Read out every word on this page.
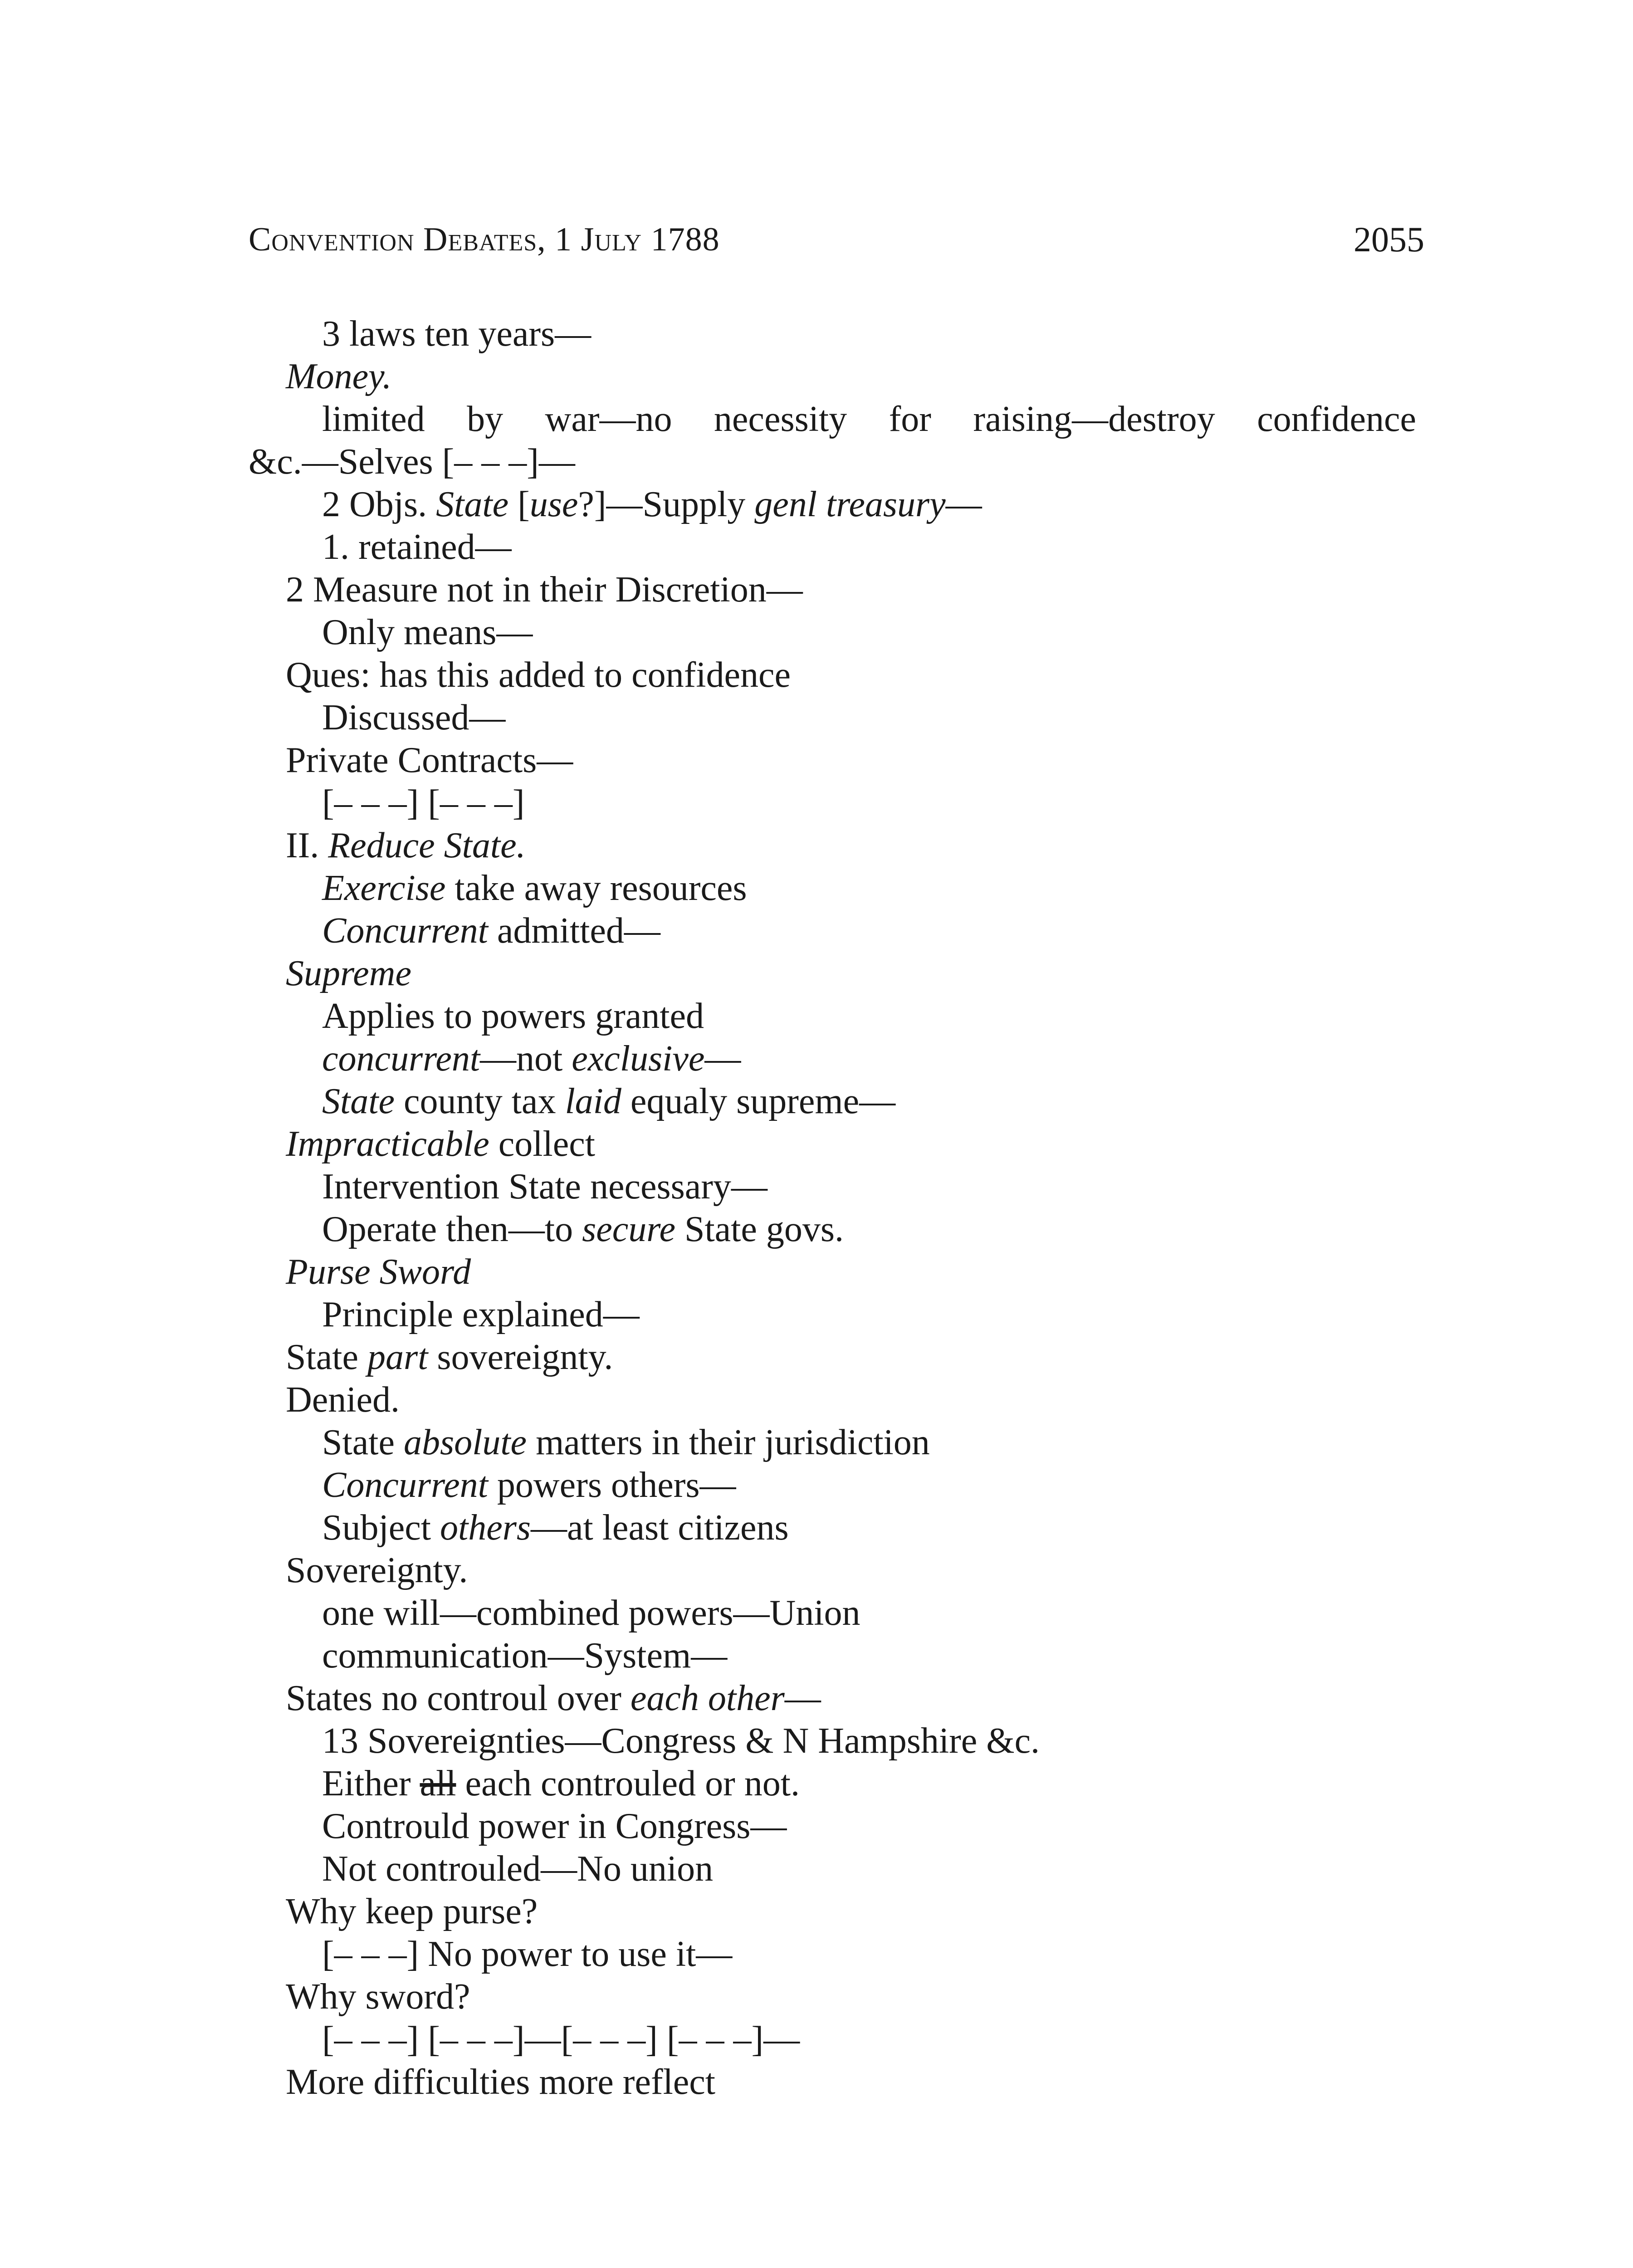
Convention Debates, 1 July 1788	2055
3 laws ten years—
Money.
limited by war—no necessity for raising—destroy confidence
&c.—Selves [– – –]—
2 Objs. State [use?]—Supply genl treasury—
1. retained—
2 Measure not in their Discretion—
Only means—
Ques: has this added to confidence
Discussed—
Private Contracts—
[– – –] [– – –]
II. Reduce State.
Exercise take away resources
Concurrent admitted—
Supreme
Applies to powers granted
concurrent—not exclusive—
State county tax laid equaly supreme—
Impracticable collect
Intervention State necessary—
Operate then—to secure State govs.
Purse Sword
Principle explained—
State part sovereignty.
Denied.
State absolute matters in their jurisdiction
Concurrent powers others—
Subject others—at least citizens
Sovereignty.
one will—combined powers—Union
communication—System—
States no controul over each other—
13 Sovereignties—Congress & N Hampshire &c.
Either all each controuled or not.
Contrould power in Congress—
Not controuled—No union
Why keep purse?
[– – –] No power to use it—
Why sword?
[– – –] [– – –]—[– – –] [– – –]—
More difficulties more reflect
